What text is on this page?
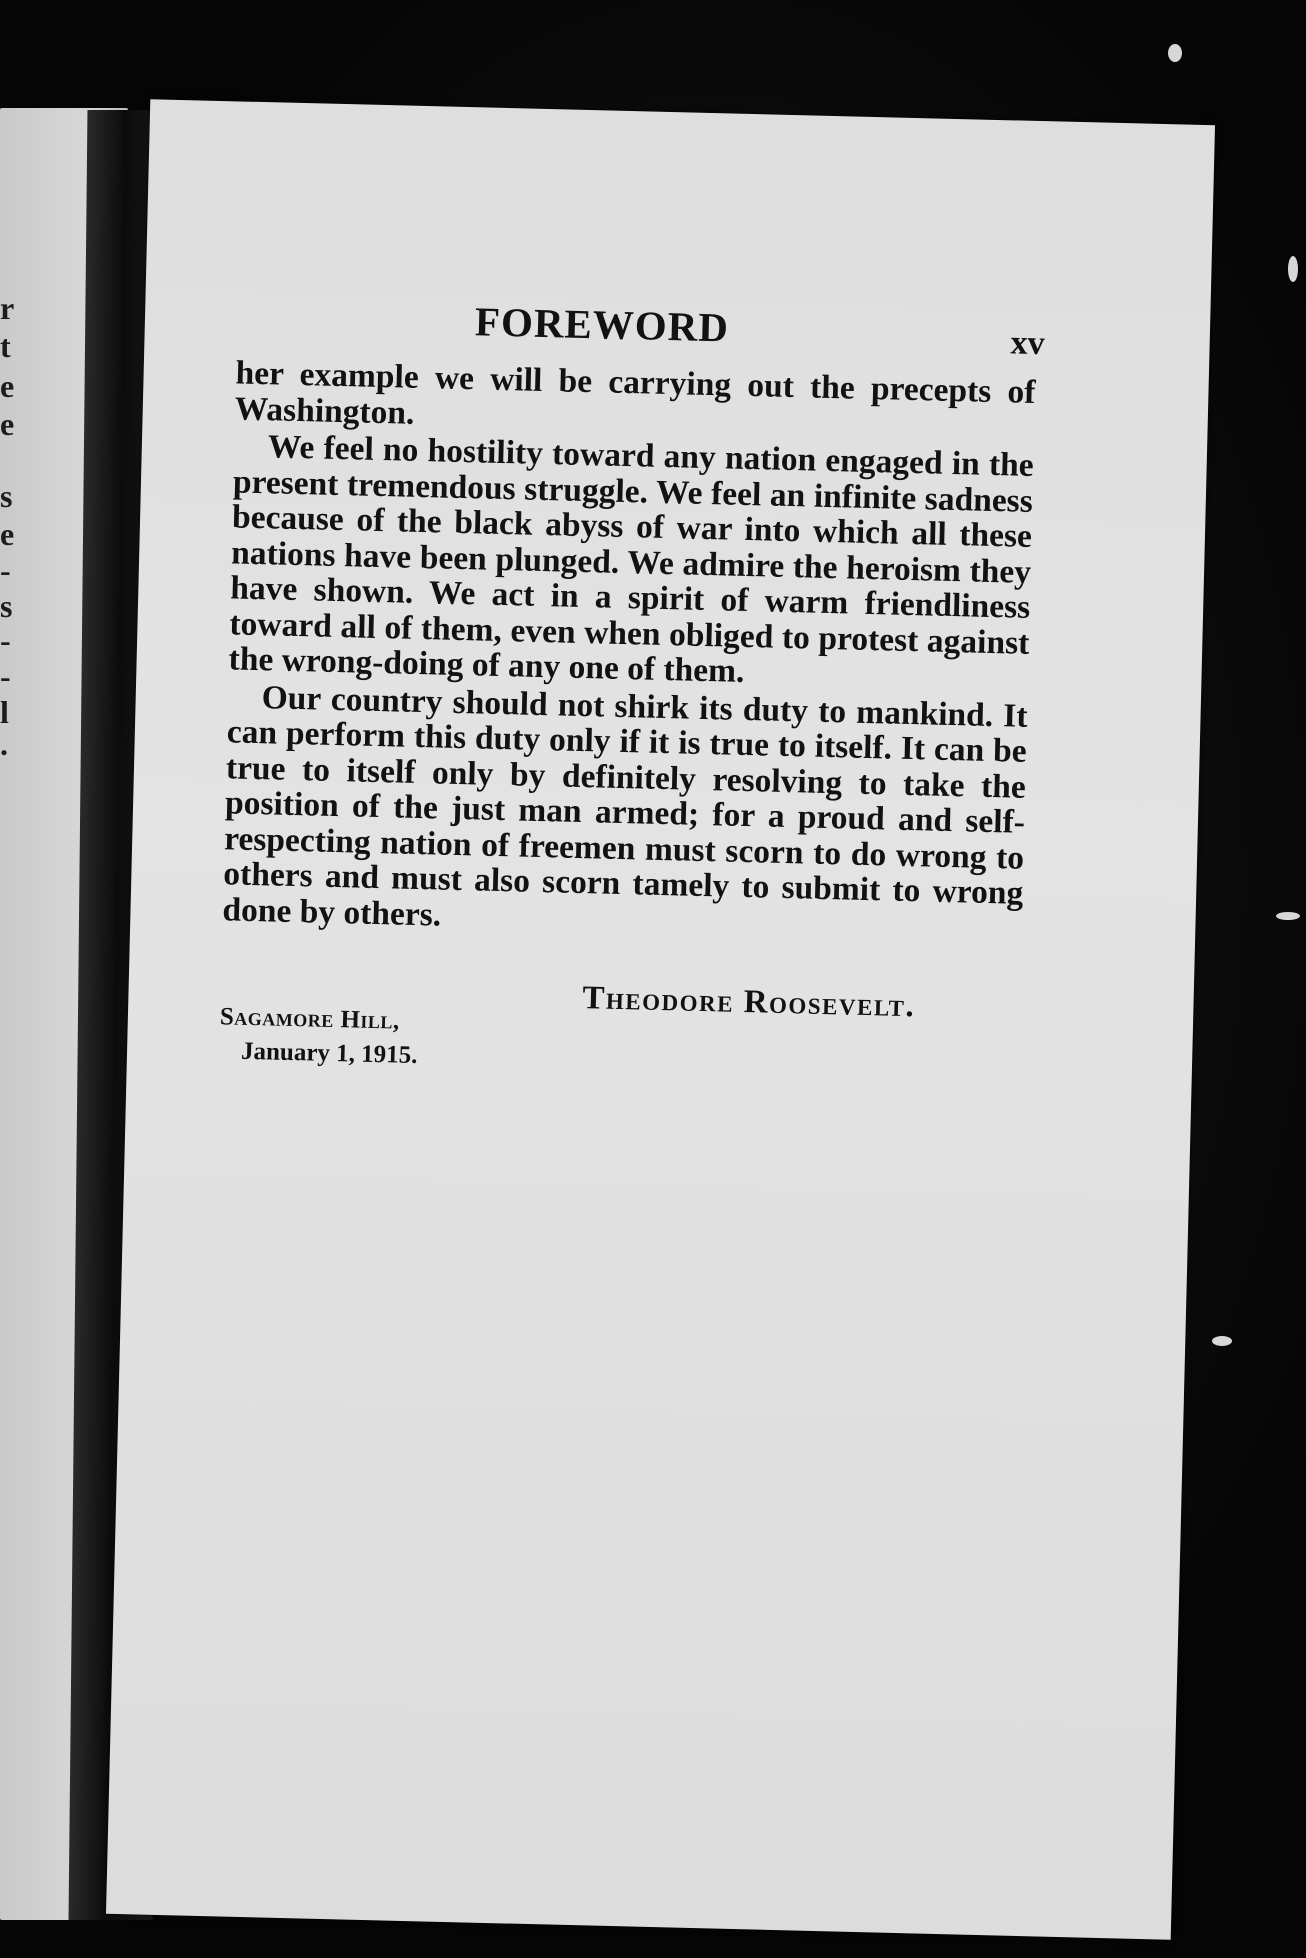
r
t
e
e
s
e
-
s
-
-
l
.
FOREWORD	xv

her example we will be carrying out the precepts of Washington.

We feel no hostility toward any nation engaged in the present tremendous struggle. We feel an infinite sadness because of the black abyss of war into which all these nations have been plunged. We admire the heroism they have shown. We act in a spirit of warm friendliness toward all of them, even when obliged to protest against the wrong-doing of any one of them.

Our country should not shirk its duty to mankind. It can perform this duty only if it is true to itself. It can be true to itself only by definitely resolving to take the position of the just man armed; for a proud and self-respecting nation of freemen must scorn to do wrong to others and must also scorn tamely to submit to wrong done by others.

Theodore Roosevelt.
Sagamore Hill,
January 1, 1915.
